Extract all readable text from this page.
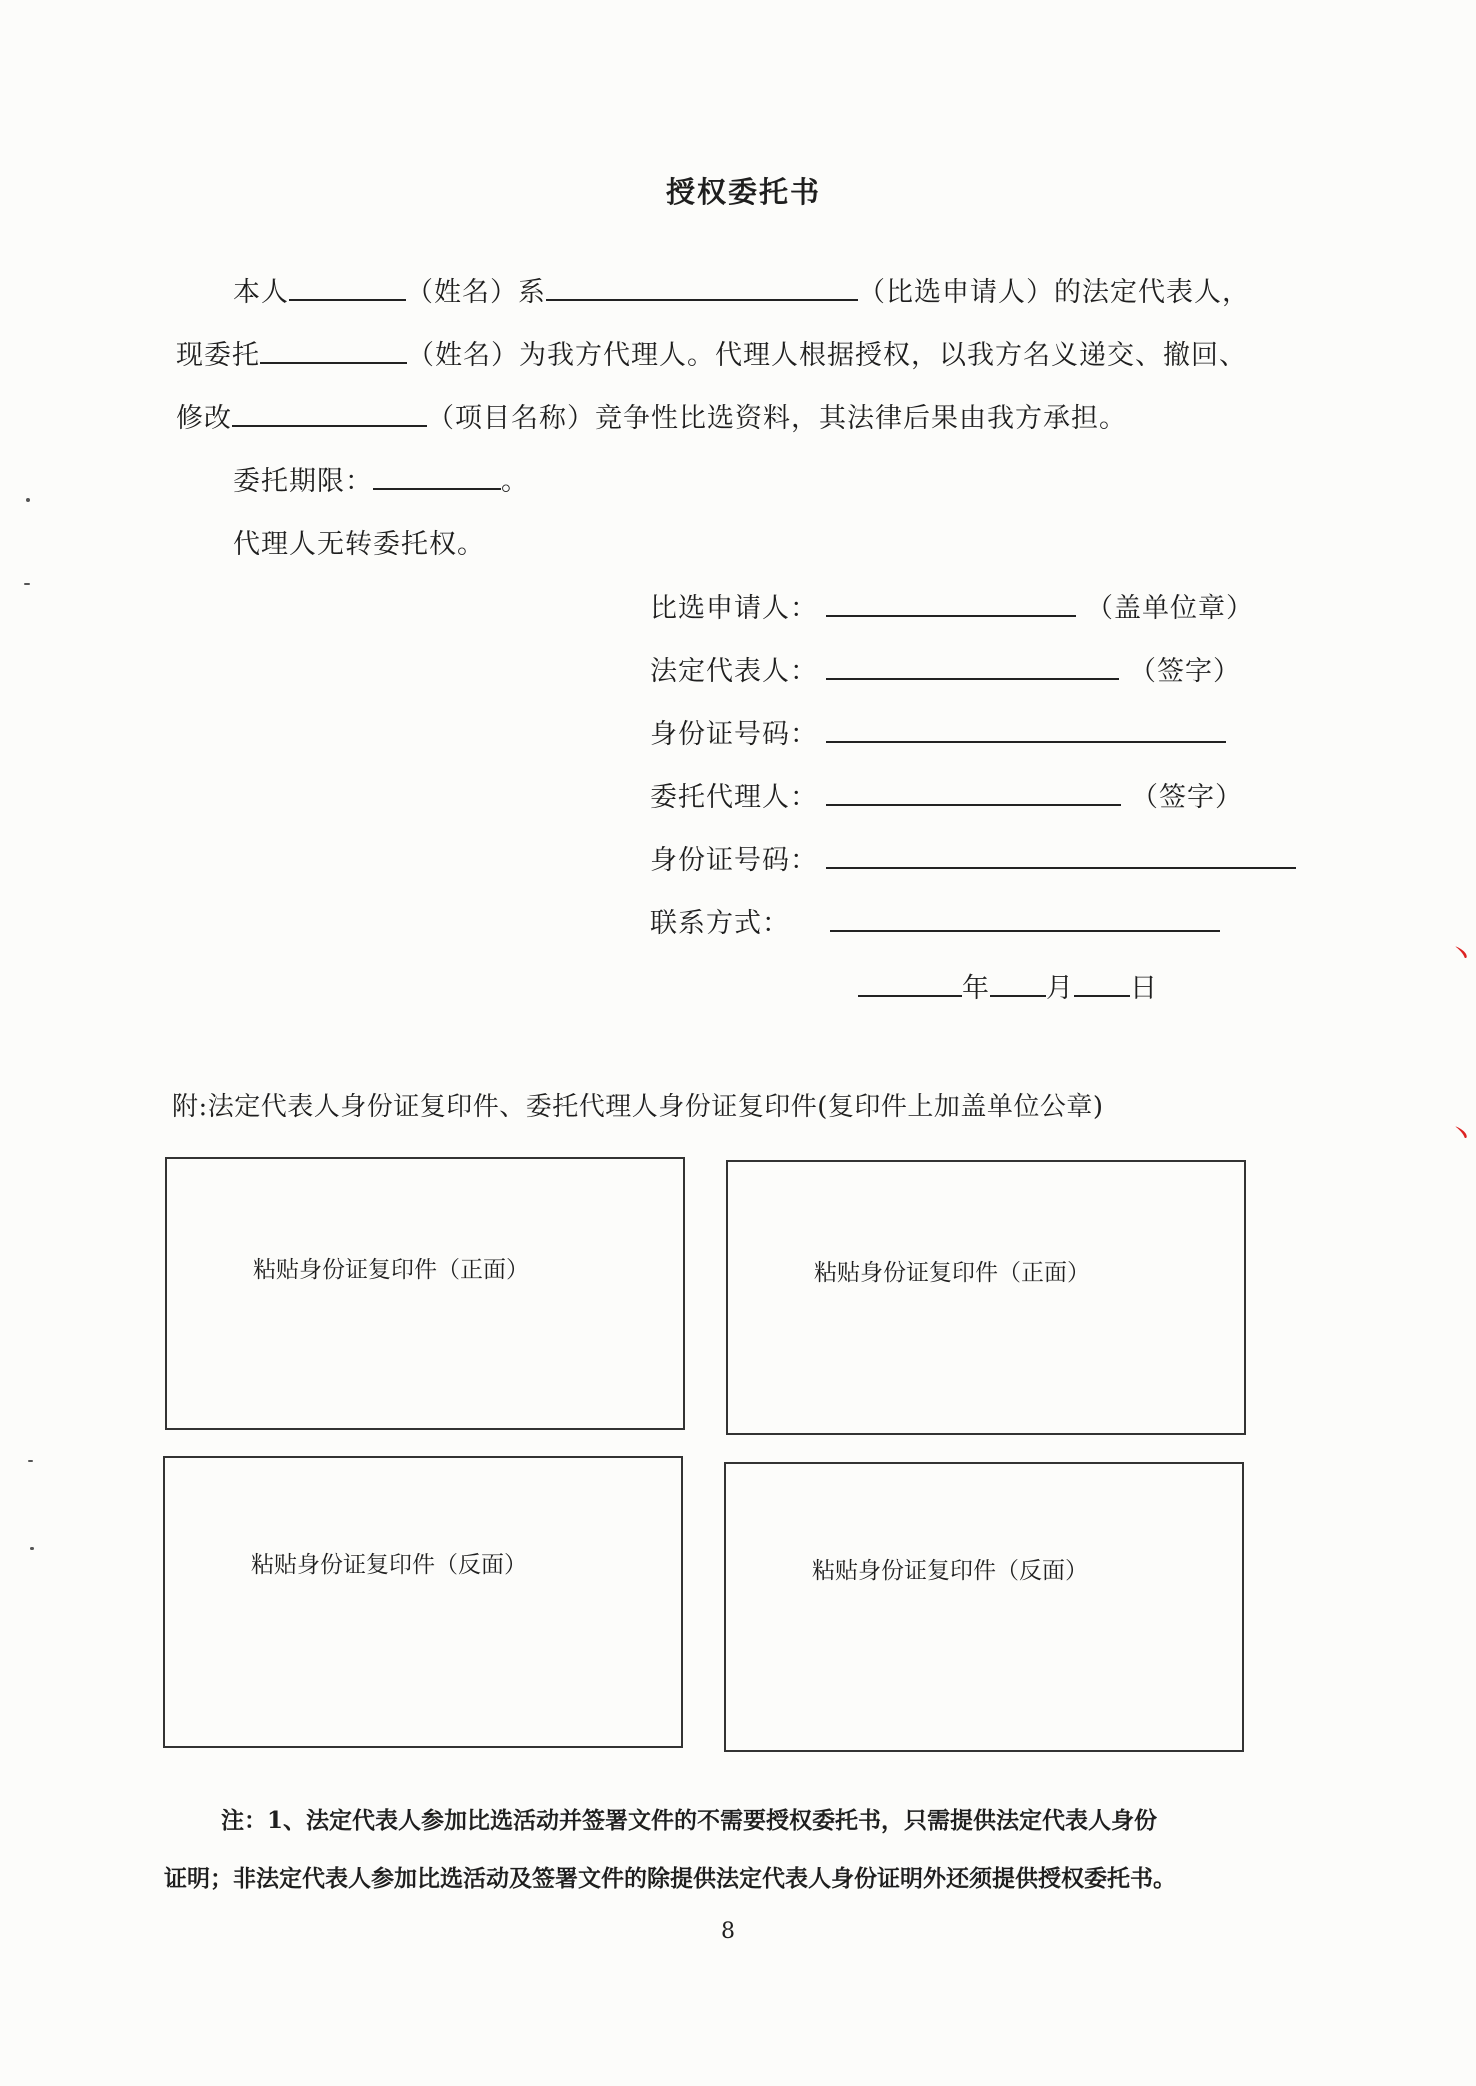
授权委托书
本人	（姓名）系	（比选申请人）的法定代表人，
现委托	（姓名）为我方代理人。代理人根据授权，以我方名义递交、撤回、
修改	（项目名称）竞争性比选资料，其法律后果由我方承担。
委托期限：	。
代理人无转委托权。
比选申请人：	（盖单位章）
法定代表人：	（签字）
身份证号码：
委托代理人：	（签字）
身份证号码：
联系方式：
年 月 日
附:法定代表人身份证复印件、委托代理人身份证复印件(复印件上加盖单位公章)
粘贴身份证复印件（正面）	粘贴身份证复印件（正面）
粘贴身份证复印件（反面）	粘贴身份证复印件（反面）
注：1、法定代表人参加比选活动并签署文件的不需要授权委托书，只需提供法定代表人身份
证明；非法定代表人参加比选活动及签署文件的除提供法定代表人身份证明外还须提供授权委托书。
8
丶
丶
